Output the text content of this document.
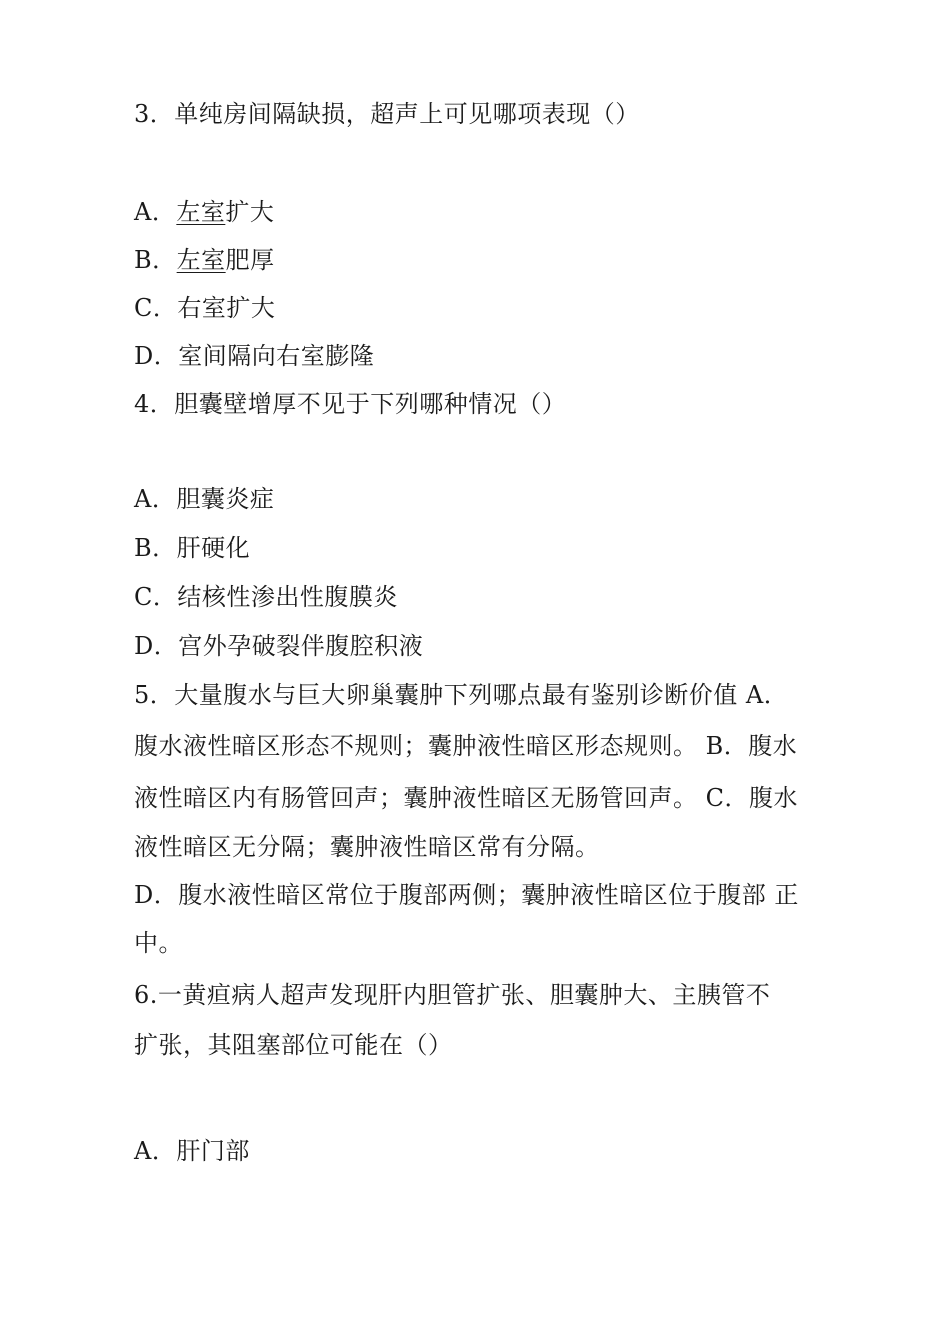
3．单纯房间隔缺损，超声上可见哪项表现（）
A．左室扩大
B．左室肥厚
C．右室扩大
D．室间隔向右室膨隆
4．胆囊壁增厚不见于下列哪种情况（）
A．胆囊炎症
B．肝硬化
C．结核性渗出性腹膜炎
D．宫外孕破裂伴腹腔积液
5．大量腹水与巨大卵巢囊肿下列哪点最有鉴别诊断价值 A．
腹水液性暗区形态不规则；囊肿液性暗区形态规则。 B．腹水
液性暗区内有肠管回声；囊肿液性暗区无肠管回声。 C．腹水
液性暗区无分隔；囊肿液性暗区常有分隔。
D．腹水液性暗区常位于腹部两侧；囊肿液性暗区位于腹部 正
中。
6.一黄疸病人超声发现肝内胆管扩张、胆囊肿大、主胰管不
扩张，其阻塞部位可能在（）
A．肝门部
